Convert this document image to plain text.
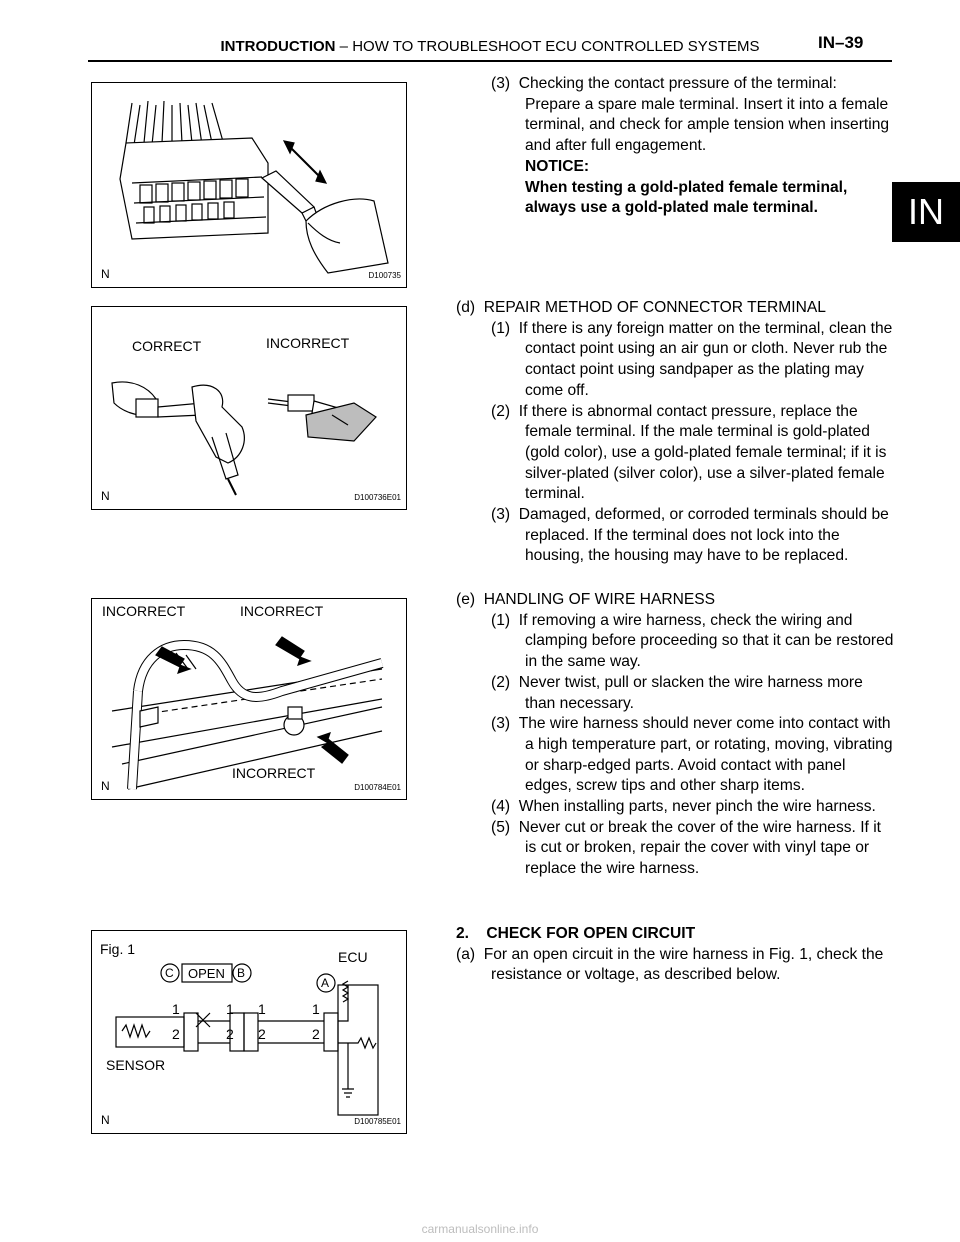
INTRODUCTION – HOW TO TROUBLESHOOT ECU CONTROLLED SYSTEMS	IN–39
IN
N	D100735
CORRECT	INCORRECT
N	D100736E01
INCORRECT	INCORRECT
INCORRECT
N	D100784E01
Fig. 1
C OPEN B
A
ECU
1	1 1	1
2	2 2	2
SENSOR
N	D100785E01

(3) Checking the contact pressure of the terminal: Prepare a spare male terminal. Insert it into a female terminal, and check for ample tension when inserting and after full engagement.

NOTICE:

When testing a gold-plated female terminal, always use a gold-plated male terminal.

(d) REPAIR METHOD OF CONNECTOR TERMINAL

(1) If there is any foreign matter on the terminal, clean the contact point using an air gun or cloth. Never rub the contact point using sandpaper as the plating may come off.

(2) If there is abnormal contact pressure, replace the female terminal. If the male terminal is gold-plated (gold color), use a gold-plated female terminal; if it is silver-plated (silver color), use a silver-plated female terminal.

(3) Damaged, deformed, or corroded terminals should be replaced. If the terminal does not lock into the housing, the housing may have to be replaced.

(e) HANDLING OF WIRE HARNESS

(1) If removing a wire harness, check the wiring and clamping before proceeding so that it can be restored in the same way.

(2) Never twist, pull or slacken the wire harness more than necessary.

(3) The wire harness should never come into contact with a high temperature part, or rotating, moving, vibrating or sharp-edged parts. Avoid contact with panel edges, screw tips and other sharp items.

(4) When installing parts, never pinch the wire harness.

(5) Never cut or break the cover of the wire harness. If it is cut or broken, repair the cover with vinyl tape or replace the wire harness.

2. CHECK FOR OPEN CIRCUIT

(a) For an open circuit in the wire harness in Fig. 1, check the resistance or voltage, as described below.

carmanualsonline.info
